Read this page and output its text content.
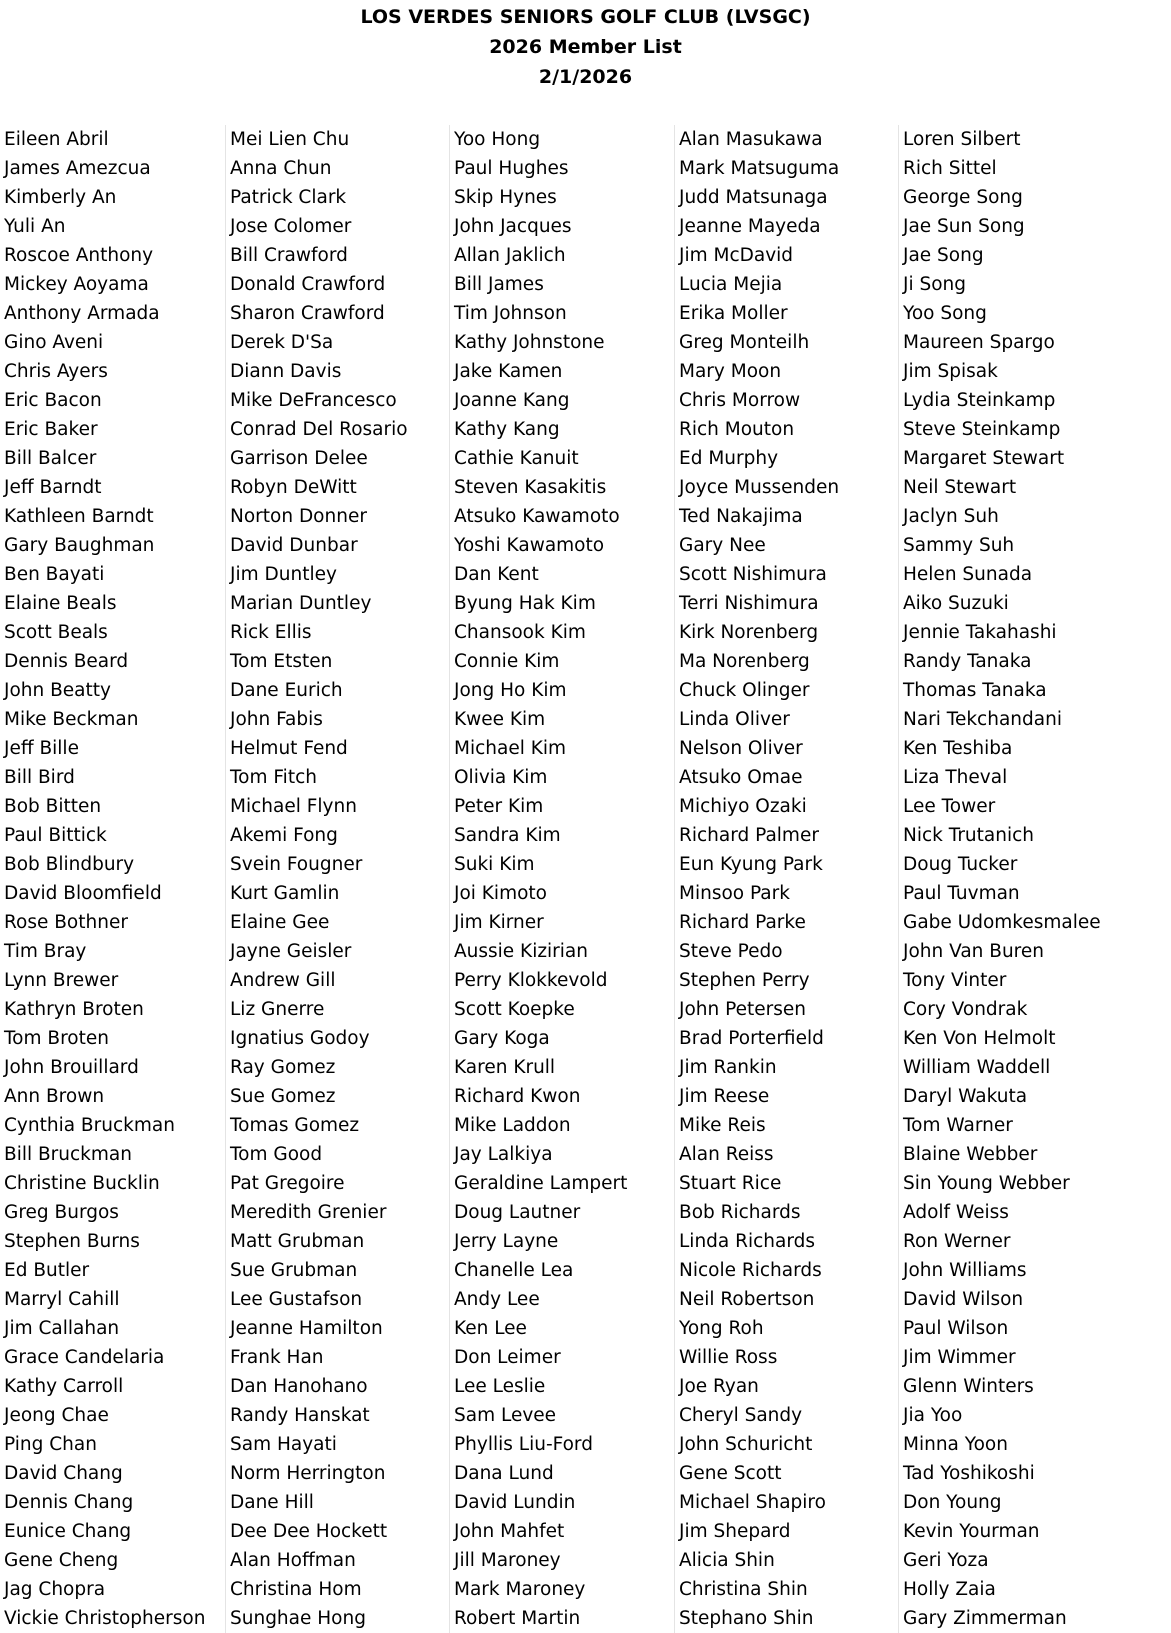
LOS VERDES SENIORS GOLF CLUB (LVSGC)
2026 Member List
2/1/2026
Eileen Abril
James Amezcua
Kimberly An
Yuli An
Roscoe Anthony
Mickey Aoyama
Anthony Armada
Gino Aveni
Chris Ayers
Eric Bacon
Eric Baker
Bill Balcer
Jeff Barndt
Kathleen Barndt
Gary Baughman
Ben Bayati
Elaine Beals
Scott Beals
Dennis Beard
John Beatty
Mike Beckman
Jeff Bille
Bill Bird
Bob Bitten
Paul Bittick
Bob Blindbury
David Bloomfield
Rose Bothner
Tim Bray
Lynn Brewer
Kathryn Broten
Tom Broten
John Brouillard
Ann Brown
Cynthia Bruckman
Bill Bruckman
Christine Bucklin
Greg Burgos
Stephen Burns
Ed Butler
Marryl Cahill
Jim Callahan
Grace Candelaria
Kathy Carroll
Jeong Chae
Ping Chan
David Chang
Dennis Chang
Eunice Chang
Gene Cheng
Jag Chopra
Vickie Christopherson
Mei Lien Chu
Anna Chun
Patrick Clark
Jose Colomer
Bill Crawford
Donald Crawford
Sharon Crawford
Derek D'Sa
Diann Davis
Mike DeFrancesco
Conrad Del Rosario
Garrison Delee
Robyn DeWitt
Norton Donner
David Dunbar
Jim Duntley
Marian Duntley
Rick Ellis
Tom Etsten
Dane Eurich
John Fabis
Helmut Fend
Tom Fitch
Michael Flynn
Akemi Fong
Svein Fougner
Kurt Gamlin
Elaine Gee
Jayne Geisler
Andrew Gill
Liz Gnerre
Ignatius Godoy
Ray Gomez
Sue Gomez
Tomas Gomez
Tom Good
Pat Gregoire
Meredith Grenier
Matt Grubman
Sue Grubman
Lee Gustafson
Jeanne Hamilton
Frank Han
Dan Hanohano
Randy Hanskat
Sam Hayati
Norm Herrington
Dane Hill
Dee Dee Hockett
Alan Hoffman
Christina Hom
Sunghae Hong
Yoo Hong
Paul Hughes
Skip Hynes
John Jacques
Allan Jaklich
Bill James
Tim Johnson
Kathy Johnstone
Jake Kamen
Joanne Kang
Kathy Kang
Cathie Kanuit
Steven Kasakitis
Atsuko Kawamoto
Yoshi Kawamoto
Dan Kent
Byung Hak Kim
Chansook Kim
Connie Kim
Jong Ho Kim
Kwee Kim
Michael Kim
Olivia Kim
Peter Kim
Sandra Kim
Suki Kim
Joi Kimoto
Jim Kirner
Aussie Kizirian
Perry Klokkevold
Scott Koepke
Gary Koga
Karen Krull
Richard Kwon
Mike Laddon
Jay Lalkiya
Geraldine Lampert
Doug Lautner
Jerry Layne
Chanelle Lea
Andy Lee
Ken Lee
Don Leimer
Lee Leslie
Sam Levee
Phyllis Liu-Ford
Dana Lund
David Lundin
John Mahfet
Jill Maroney
Mark Maroney
Robert Martin
Alan Masukawa
Mark Matsuguma
Judd Matsunaga
Jeanne Mayeda
Jim McDavid
Lucia Mejia
Erika Moller
Greg Monteilh
Mary Moon
Chris Morrow
Rich Mouton
Ed Murphy
Joyce Mussenden
Ted Nakajima
Gary Nee
Scott Nishimura
Terri Nishimura
Kirk Norenberg
Ma Norenberg
Chuck Olinger
Linda Oliver
Nelson Oliver
Atsuko Omae
Michiyo Ozaki
Richard Palmer
Eun Kyung Park
Minsoo Park
Richard Parke
Steve Pedo
Stephen Perry
John Petersen
Brad Porterfield
Jim Rankin
Jim Reese
Mike Reis
Alan Reiss
Stuart Rice
Bob Richards
Linda Richards
Nicole Richards
Neil Robertson
Yong Roh
Willie Ross
Joe Ryan
Cheryl Sandy
John Schuricht
Gene Scott
Michael Shapiro
Jim Shepard
Alicia Shin
Christina Shin
Stephano Shin
Loren Silbert
Rich Sittel
George Song
Jae Sun Song
Jae Song
Ji Song
Yoo Song
Maureen Spargo
Jim Spisak
Lydia Steinkamp
Steve Steinkamp
Margaret Stewart
Neil Stewart
Jaclyn Suh
Sammy Suh
Helen Sunada
Aiko Suzuki
Jennie Takahashi
Randy Tanaka
Thomas Tanaka
Nari Tekchandani
Ken Teshiba
Liza Theval
Lee Tower
Nick Trutanich
Doug Tucker
Paul Tuvman
Gabe Udomkesmalee
John Van Buren
Tony Vinter
Cory Vondrak
Ken Von Helmolt
William Waddell
Daryl Wakuta
Tom Warner
Blaine Webber
Sin Young Webber
Adolf Weiss
Ron Werner
John Williams
David Wilson
Paul Wilson
Jim Wimmer
Glenn Winters
Jia Yoo
Minna Yoon
Tad Yoshikoshi
Don Young
Kevin Yourman
Geri Yoza
Holly Zaia
Gary Zimmerman
